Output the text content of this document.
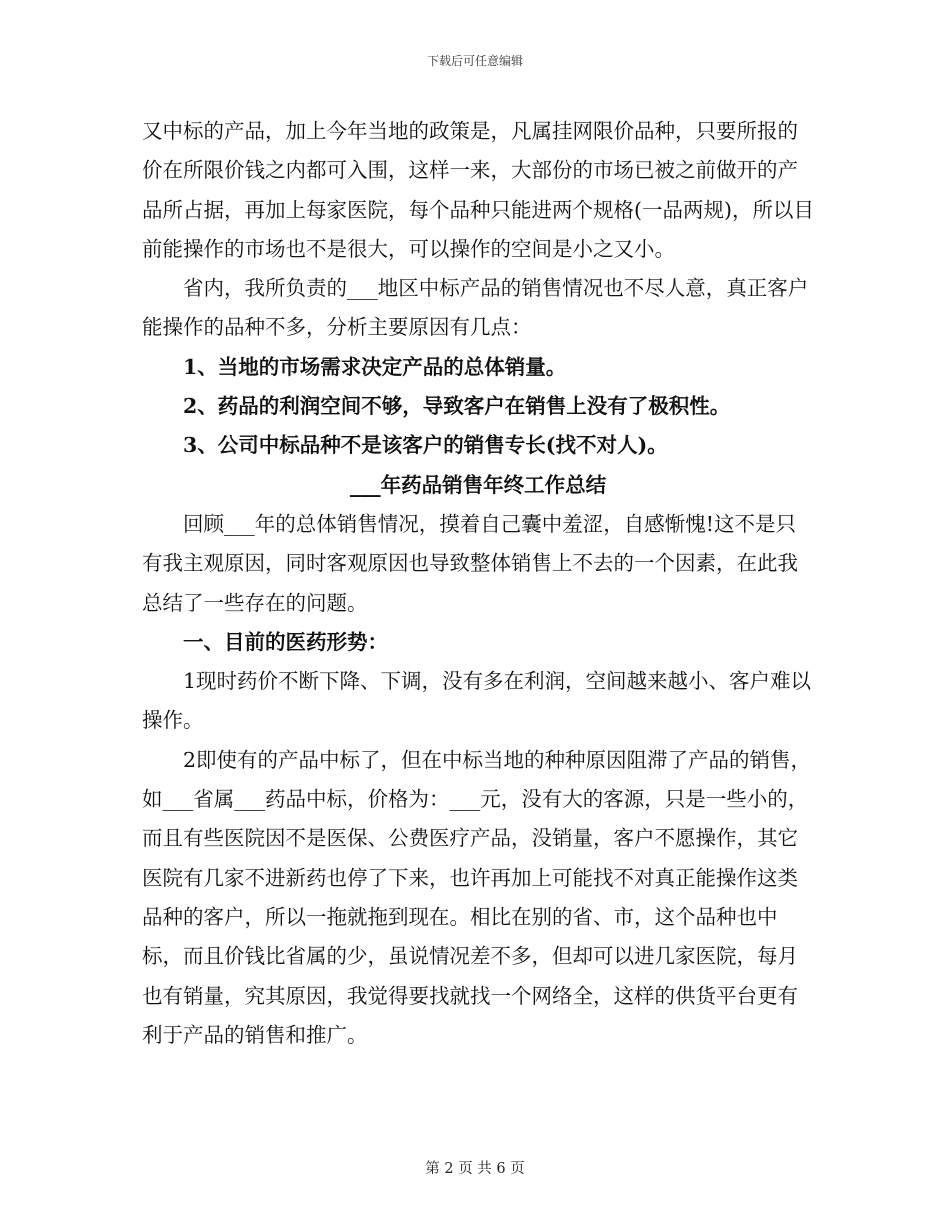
下载后可任意编辑

又中标的产品，加上今年当地的政策是，凡属挂网限价品种，只要所报的价在所限价钱之内都可入围，这样一来，大部份的市场已被之前做开的产品所占据，再加上每家医院，每个品种只能进两个规格(一品两规)，所以目前能操作的市场也不是很大，可以操作的空间是小之又小。

省内，我所负责的___地区中标产品的销售情况也不尽人意，真正客户能操作的品种不多，分析主要原因有几点：

1、当地的市场需求决定产品的总体销量。

2、药品的利润空间不够，导致客户在销售上没有了极积性。

3、公司中标品种不是该客户的销售专长(找不对人)。

___年药品销售年终工作总结

回顾___年的总体销售情况，摸着自己囊中羞涩，自感惭愧!这不是只有我主观原因，同时客观原因也导致整体销售上不去的一个因素，在此我总结了一些存在的问题。

一、目前的医药形势：

1现时药价不断下降、下调，没有多在利润，空间越来越小、客户难以操作。

2即使有的产品中标了，但在中标当地的种种原因阻滞了产品的销售，如___省属___药品中标，价格为：___元，没有大的客源，只是一些小的，而且有些医院因不是医保、公费医疗产品，没销量，客户不愿操作，其它医院有几家不进新药也停了下来，也许再加上可能找不对真正能操作这类品种的客户，所以一拖就拖到现在。相比在别的省、市，这个品种也中标，而且价钱比省属的少，虽说情况差不多，但却可以进几家医院，每月也有销量，究其原因，我觉得要找就找一个网络全，这样的供货平台更有利于产品的销售和推广。

第 2 页 共 6 页
